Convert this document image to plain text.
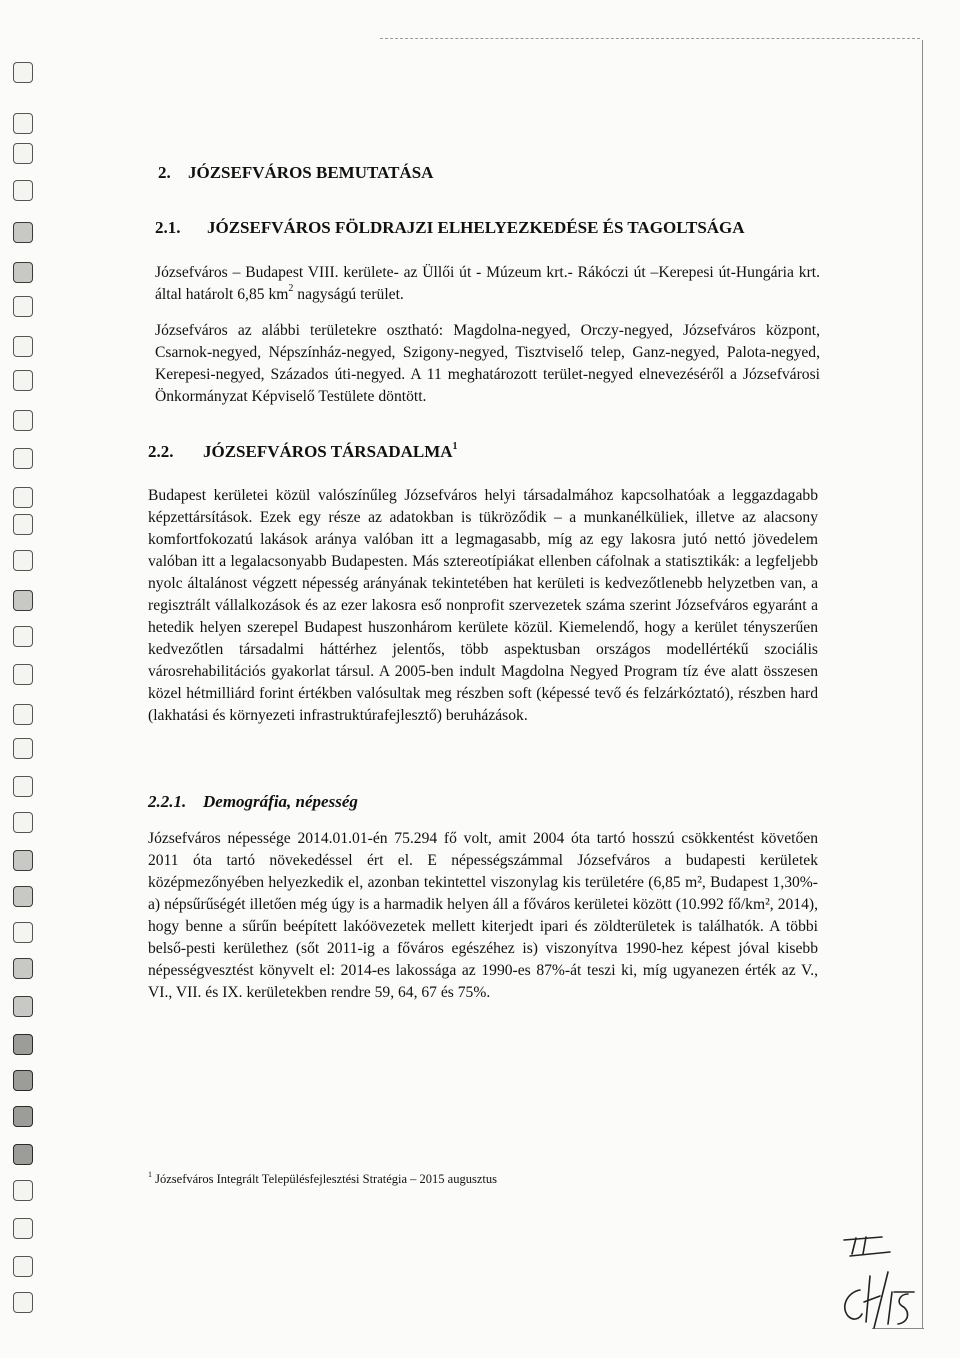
2. JÓZSEFVÁROS BEMUTATÁSA
2.1. JÓZSEFVÁROS FÖLDRAJZI ELHELYEZKEDÉSE ÉS TAGOLTSÁGA
Józsefváros – Budapest VIII. kerülete- az Üllői út - Múzeum krt.- Rákóczi út –Kerepesi út-Hungária krt. által határolt 6,85 $km^2$ nagyságú terület.
Józsefváros az alábbi területekre osztható: Magdolna-negyed, Orczy-negyed, Józsefváros központ, Csarnok-negyed, Népszínház-negyed, Szigony-negyed, Tisztviselő telep, Ganz-negyed, Palota-negyed, Kerepesi-negyed, Százados úti-negyed. A 11 meghatározott terület-negyed elnevezéséről a Józsefvárosi Önkormányzat Képviselő Testülete döntött.
2.2. JÓZSEFVÁROS TÁRSADALMA$^1$
Budapest kerületei közül valószínűleg Józsefváros helyi társadalmához kapcsolhatóak a leggazdagabb képzettársítások. Ezek egy része az adatokban is tükröződik – a munkanélküliek, illetve az alacsony komfortfokozatú lakások aránya valóban itt a legmagasabb, míg az egy lakosra jutó nettó jövedelem valóban itt a legalacsonyabb Budapesten. Más sztereotípiákat ellenben cáfolnak a statisztikák: a legfeljebb nyolc általánost végzett népesség arányának tekintetében hat kerületi is kedvezőtlenebb helyzetben van, a regisztrált vállalkozások és az ezer lakosra eső nonprofit szervezetek száma szerint Józsefváros egyaránt a hetedik helyen szerepel Budapest huszonhárom kerülete közül. Kiemelendő, hogy a kerület tényszerűen kedvezőtlen társadalmi háttérhez jelentős, több aspektusban országos modellértékű szociális városrehabilitációs gyakorlat társul. A 2005-ben indult Magdolna Negyed Program tíz éve alatt összesen közel hétmilliárd forint értékben valósultak meg részben soft (képessé tevő és felzárkóztató), részben hard (lakhatási és környezeti infrastruktúrafejlesztő) beruházások.
2.2.1. Demográfia, népesség
Józsefváros népessége 2014.01.01-én 75.294 fő volt, amit 2004 óta tartó hosszú csökkentést követően 2011 óta tartó növekedéssel ért el. E népességszámmal Józsefváros a budapesti kerületek középmezőnyében helyezkedik el, azonban tekintettel viszonylag kis területére (6,85 m², Budapest 1,30%-a) népsűrűségét illetően még úgy is a harmadik helyen áll a főváros kerületei között (10.992 fő/km², 2014), hogy benne a sűrűn beépített lakóövezetek mellett kiterjedt ipari és zöldterületek is találhatók. A többi belső-pesti kerülethez (sőt 2011-ig a főváros egészéhez is) viszonyítva 1990-hez képest jóval kisebb népességvesztést könyvelt el: 2014-es lakossága az 1990-es 87%-át teszi ki, míg ugyanezen érték az V., VI., VII. és IX. kerületekben rendre 59, 64, 67 és 75%.
$^1$ Józsefváros Integrált Településfejlesztési Stratégia – 2015 augusztus
